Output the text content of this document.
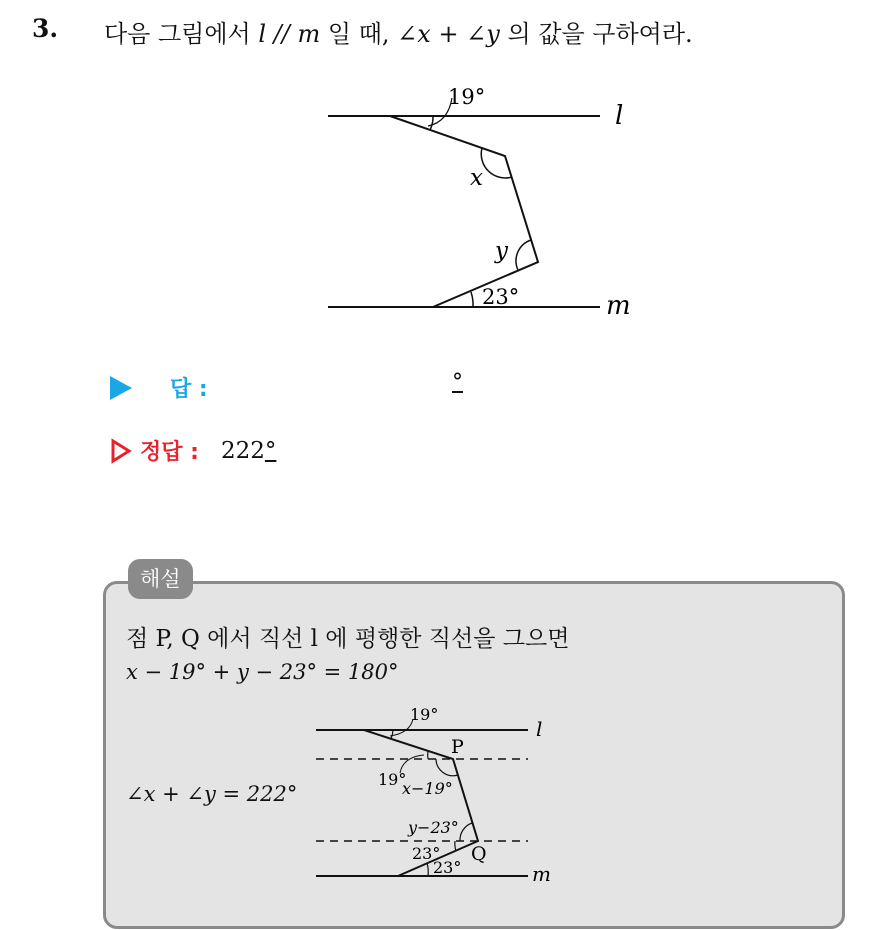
3. 다음 그림에서 l // m 일 때, ∠x + ∠y 의 값을 구하여라.
19°
x
y
23°
l
m
답 :	°
정답 : 222°
해설
점 P, Q 에서 직선 l 에 평행한 직선을 그으면
x − 19° + y − 23° = 180°
∠x + ∠y = 222°
19°
P
19°
x−19°
y−23°
23° Q
23°
l
m
